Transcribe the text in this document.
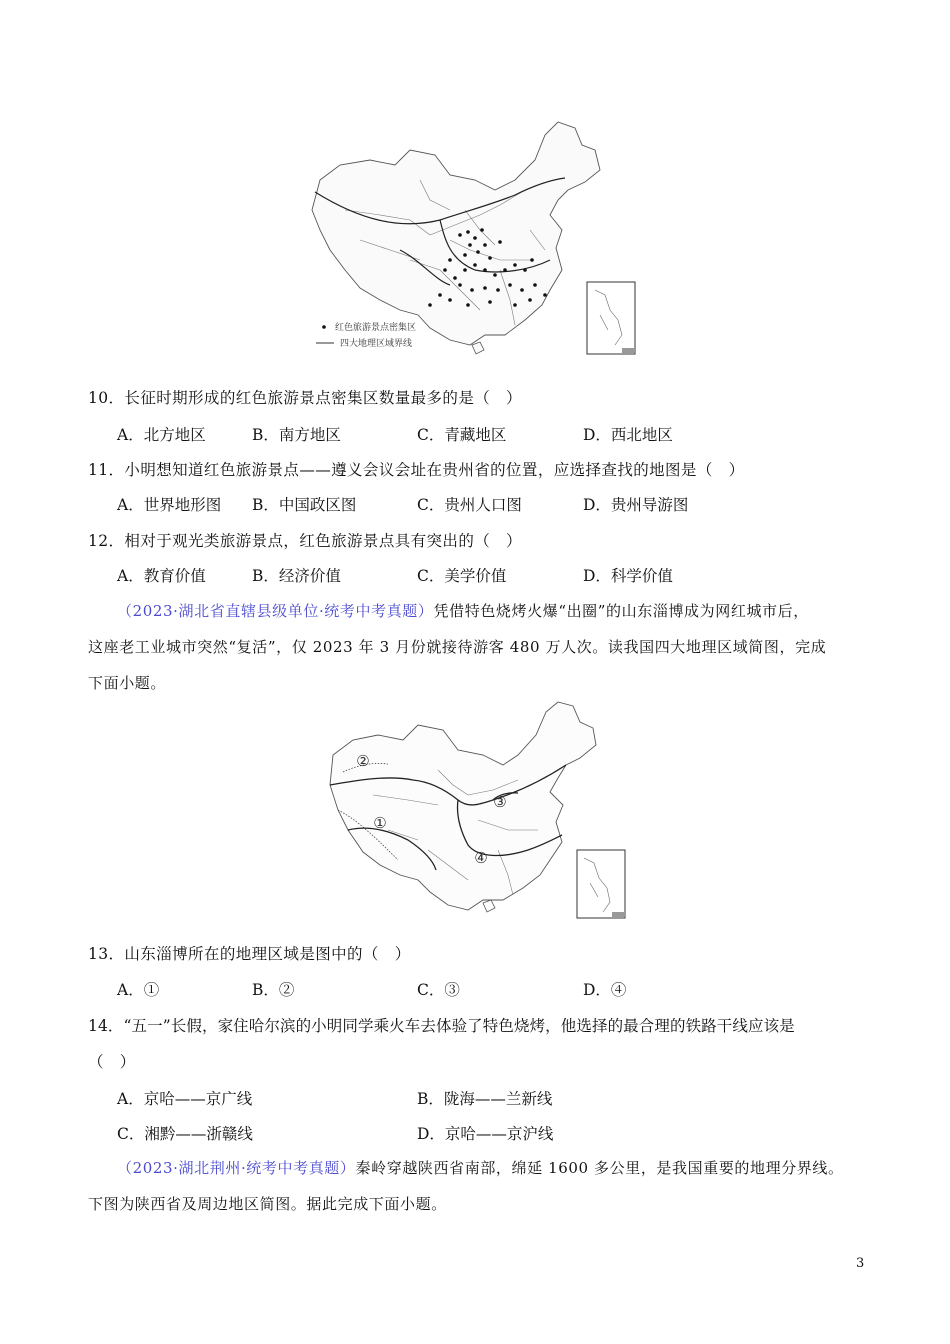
红色旅游景点密集区
四大地理区域界线
10．长征时期形成的红色旅游景点密集区数量最多的是（　）
A．北方地区	B．南方地区	C．青藏地区	D．西北地区
11．小明想知道红色旅游景点——遵义会议会址在贵州省的位置，应选择查找的地图是（　）
A．世界地形图 B．中国政区图	C．贵州人口图	D．贵州导游图
12．相对于观光类旅游景点，红色旅游景点具有突出的（　）
A．教育价值	B．经济价值	C．美学价值	D．科学价值
（2023·湖北省直辖县级单位·统考中考真题）凭借特色烧烤火爆“出圈”的山东淄博成为网红城市后，
这座老工业城市突然“复活”，仅 2023 年 3 月份就接待游客 480 万人次。读我国四大地理区域简图，完成
下面小题。
①
②
③
④
13．山东淄博所在的地理区域是图中的（　）
A．①	B．②	C．③	D．④
14．“五一”长假，家住哈尔滨的小明同学乘火车去体验了特色烧烤，他选择的最合理的铁路干线应该是
（　）
A．京哈——京广线	B．陇海——兰新线
C．湘黔——浙赣线	D．京哈——京沪线
（2023·湖北荆州·统考中考真题）秦岭穿越陕西省南部，绵延 1600 多公里，是我国重要的地理分界线。
下图为陕西省及周边地区简图。据此完成下面小题。
3
